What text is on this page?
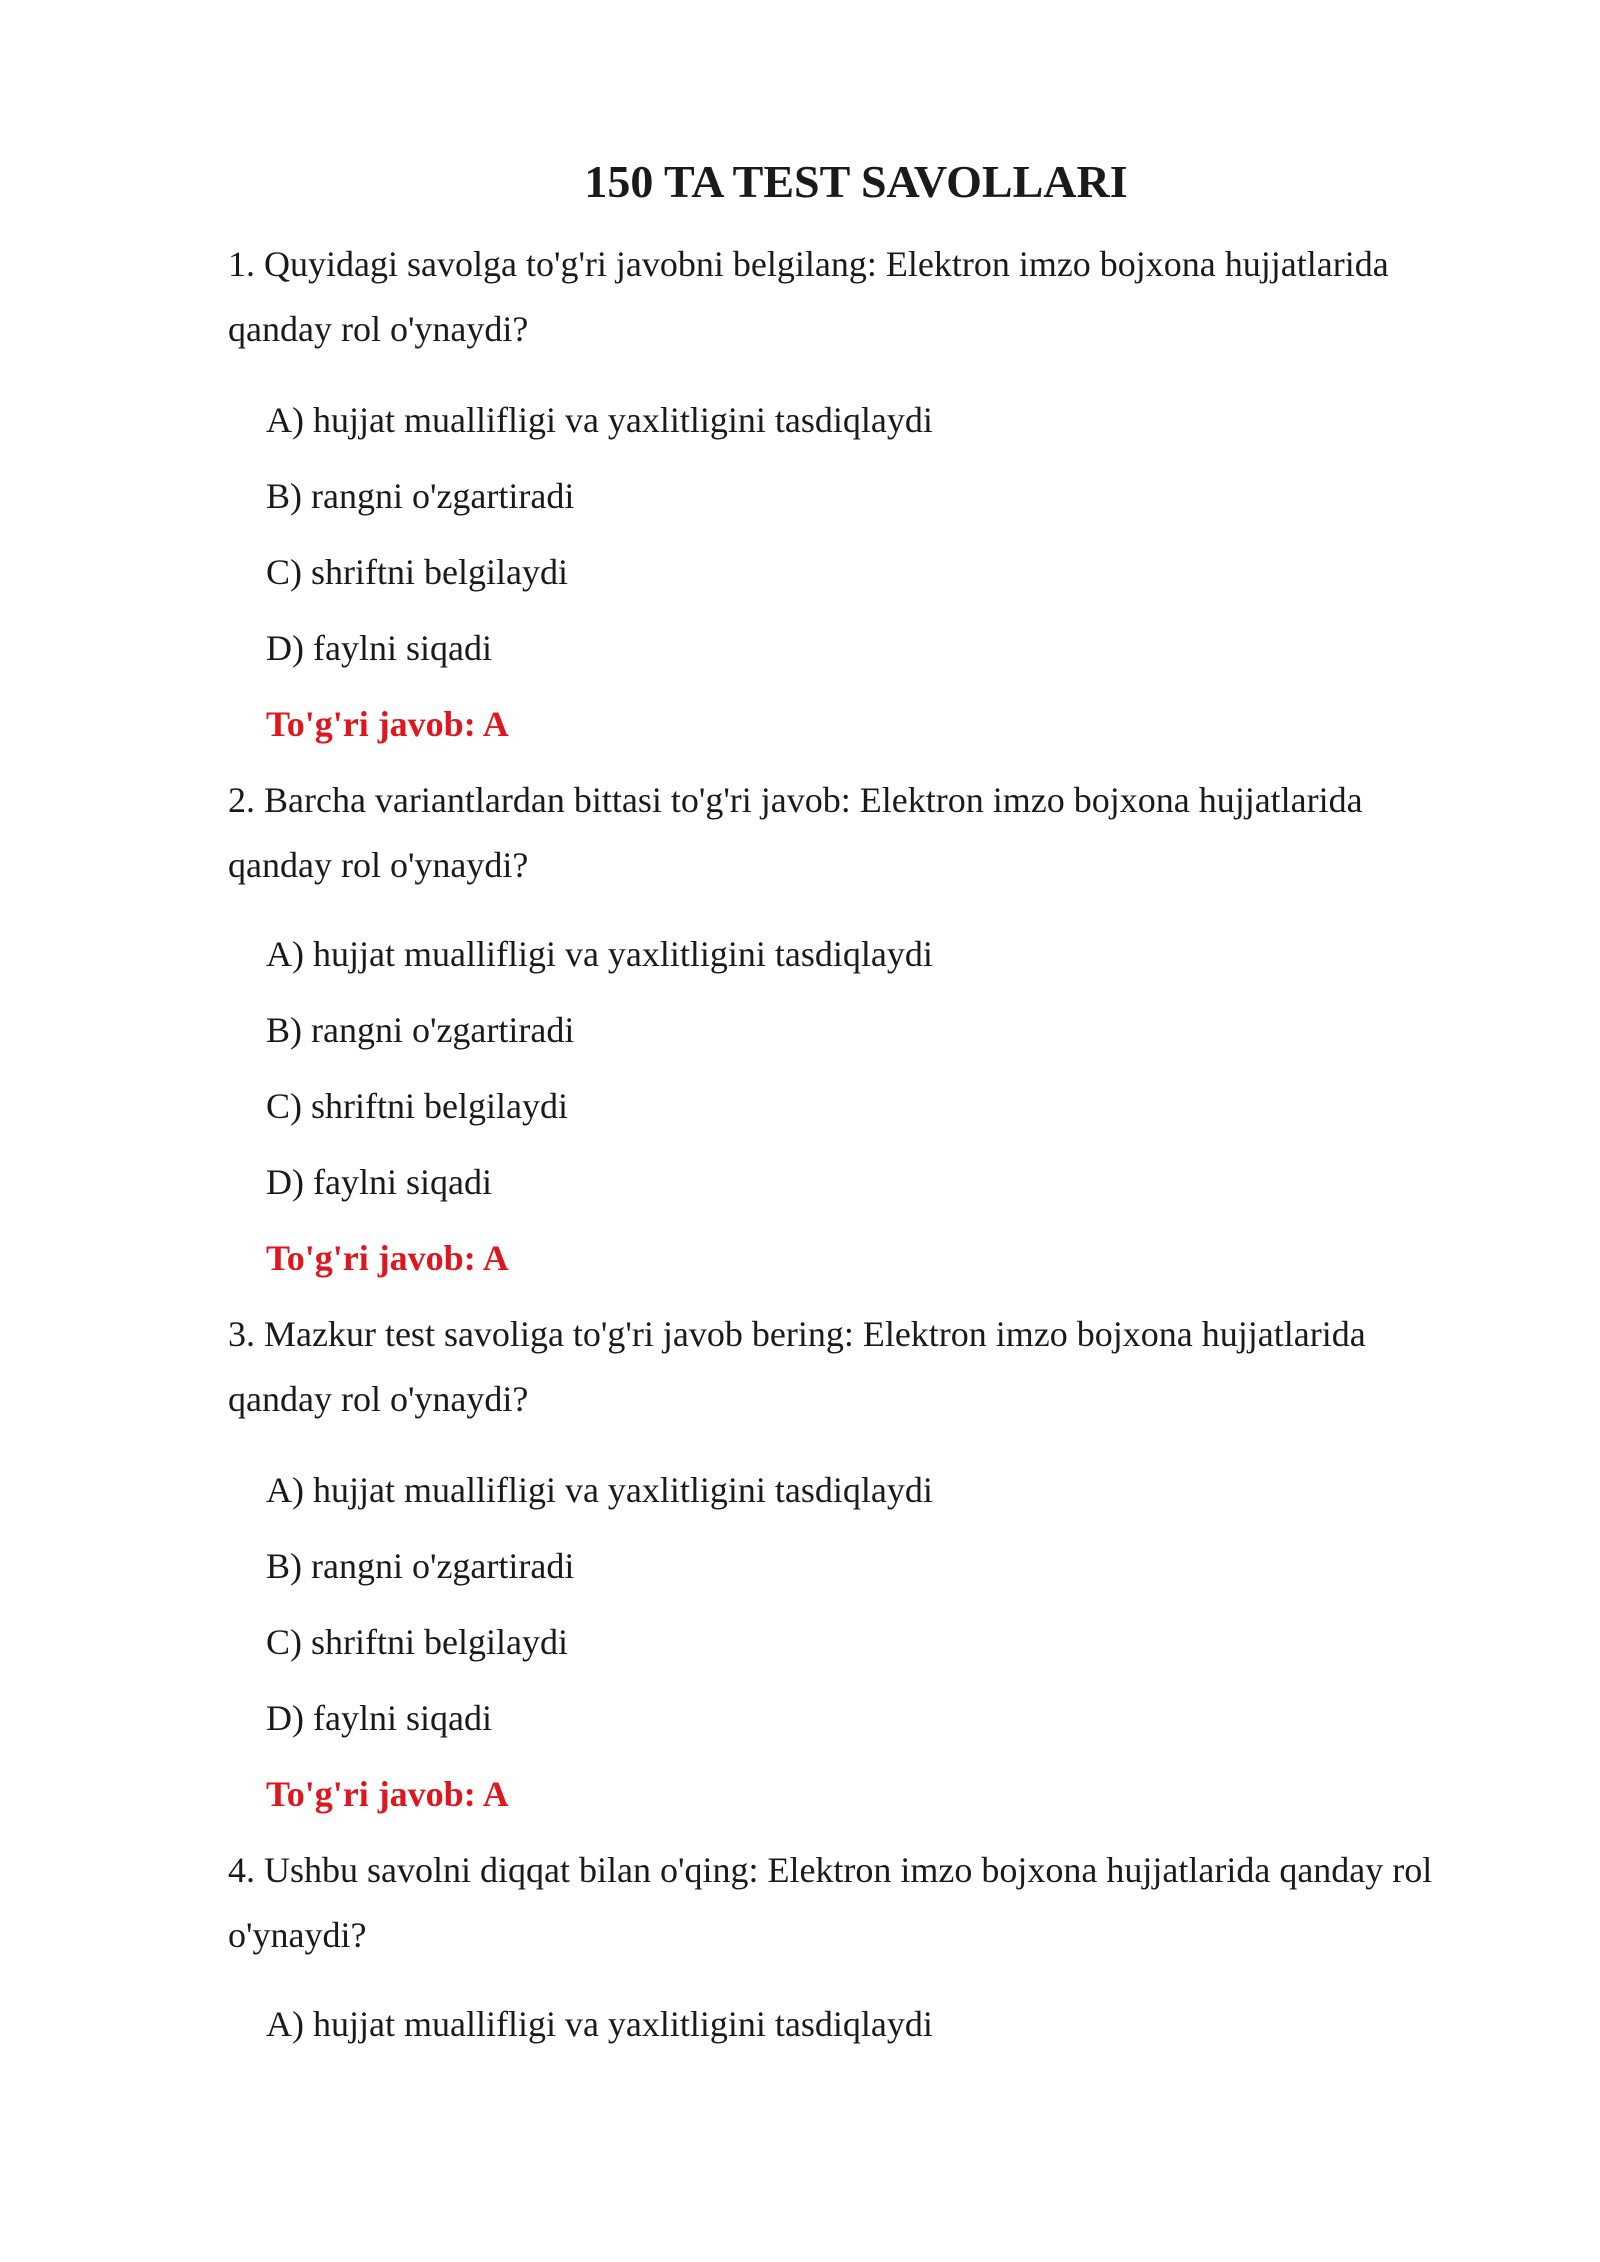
150 TA TEST SAVOLLARI
1. Quyidagi savolga to'g'ri javobni belgilang: Elektron imzo bojxona hujjatlarida qanday rol o'ynaydi?
A) hujjat muallifligi va yaxlitligini tasdiqlaydi
B) rangni o'zgartiradi
C) shriftni belgilaydi
D) faylni siqadi
To'g'ri javob: A
2. Barcha variantlardan bittasi to'g'ri javob: Elektron imzo bojxona hujjatlarida qanday rol o'ynaydi?
A) hujjat muallifligi va yaxlitligini tasdiqlaydi
B) rangni o'zgartiradi
C) shriftni belgilaydi
D) faylni siqadi
To'g'ri javob: A
3. Mazkur test savoliga to'g'ri javob bering: Elektron imzo bojxona hujjatlarida qanday rol o'ynaydi?
A) hujjat muallifligi va yaxlitligini tasdiqlaydi
B) rangni o'zgartiradi
C) shriftni belgilaydi
D) faylni siqadi
To'g'ri javob: A
4. Ushbu savolni diqqat bilan o'qing: Elektron imzo bojxona hujjatlarida qanday rol o'ynaydi?
A) hujjat muallifligi va yaxlitligini tasdiqlaydi
